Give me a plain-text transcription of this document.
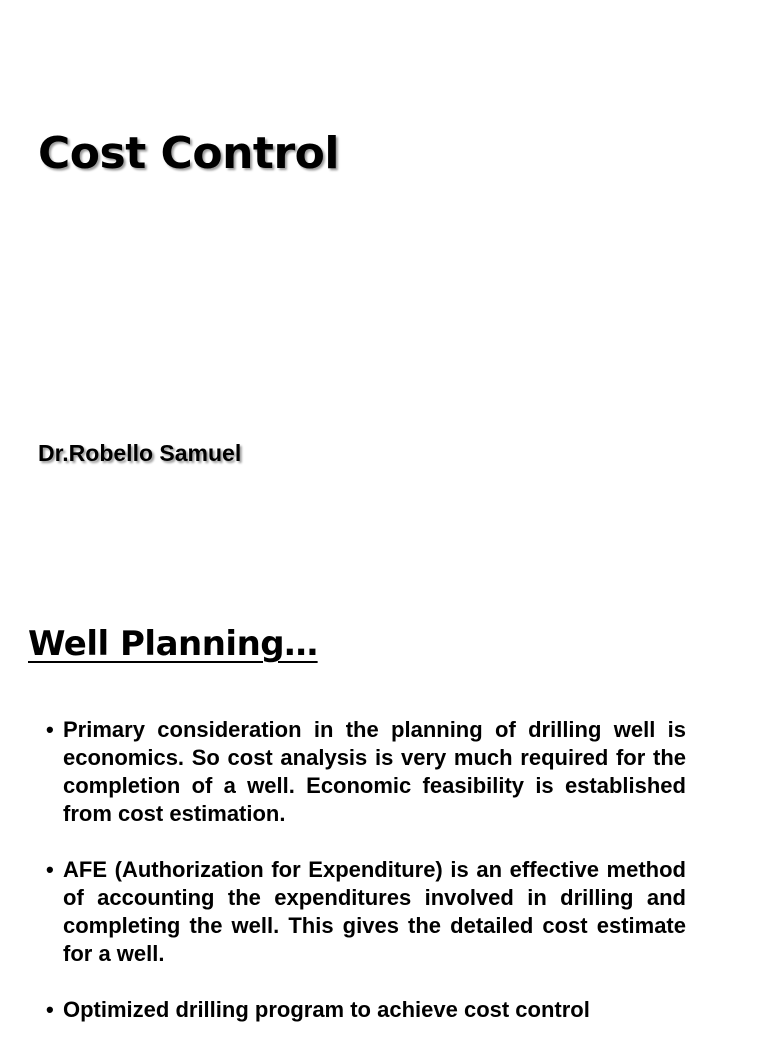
Cost Control

Dr.Robello Samuel

Well Planning…
• Primary consideration in the planning of drilling well is economics. So cost analysis is very much required for the completion of a well. Economic feasibility is established from cost estimation.
• AFE (Authorization for Expenditure) is an effective method of accounting the expenditures involved in drilling and completing the well. This gives the detailed cost estimate for a well.
• Optimized drilling program to achieve cost control
